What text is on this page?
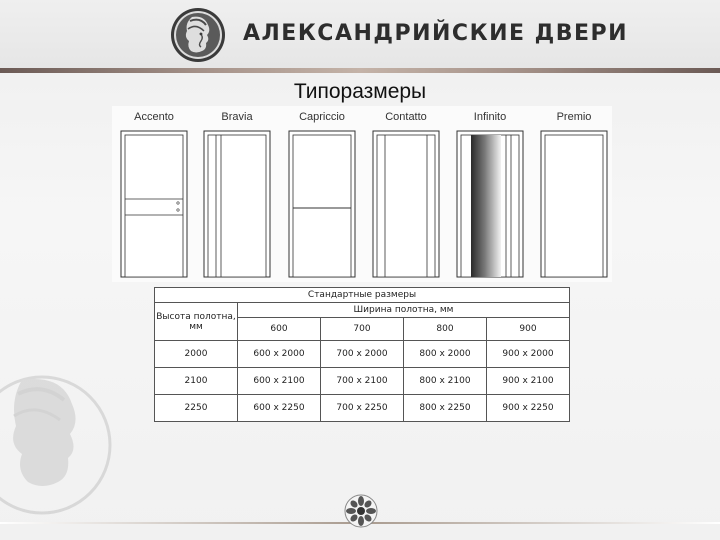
АЛЕКСАНДРИЙСКИЕ ДВЕРИ
Типоразмеры
Accento	Bravia	Capriccio	Contatto	Infinito	Premio
Стандартные размеры				
Высота полотна, мм	Ширина полотна, мм			
	600	700	800	900
2000	600 x 2000	700 x 2000	800 x 2000	900 x 2000
2100	600 x 2100	700 x 2100	800 x 2100	900 x 2100
2250	600 x 2250	700 x 2250	800 x 2250	900 x 2250
